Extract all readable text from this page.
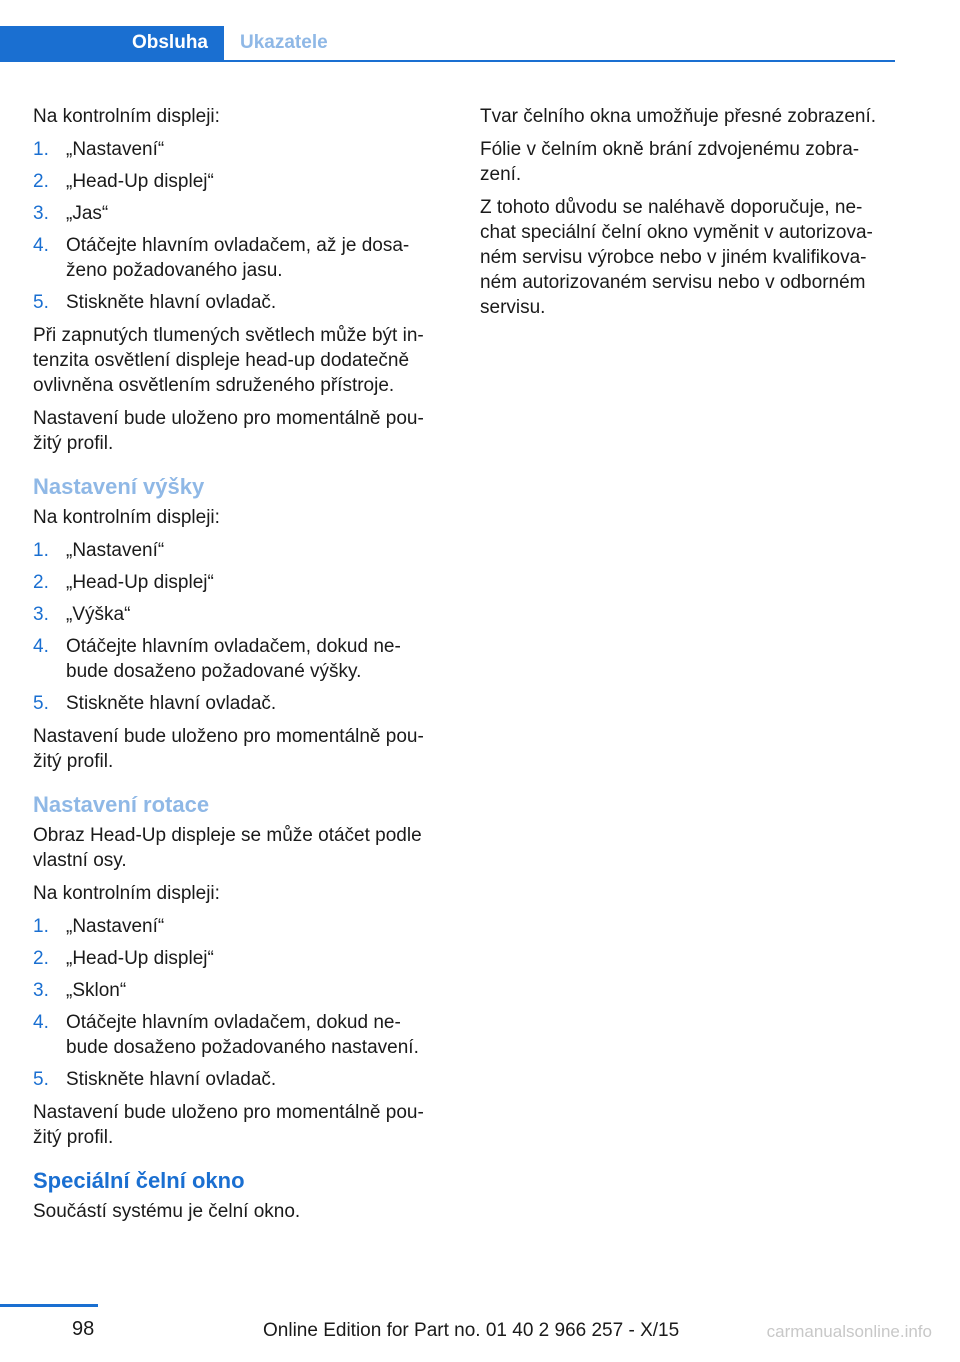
Obsluha	Ukazatele
Na kontrolním displeji:
1. „Nastavení“
2. „Head-Up displej“
3. „Jas“
4. Otáčejte hlavním ovladačem, až je dosa-
ženo požadovaného jasu.
5. Stiskněte hlavní ovladač.
Při zapnutých tlumených světlech může být in-
tenzita osvětlení displeje head-up dodatečně
ovlivněna osvětlením sdruženého přístroje.
Nastavení bude uloženo pro momentálně pou-
žitý profil.
Nastavení výšky
Na kontrolním displeji:
1. „Nastavení“
2. „Head-Up displej“
3. „Výška“
4. Otáčejte hlavním ovladačem, dokud ne-
bude dosaženo požadované výšky.
5. Stiskněte hlavní ovladač.
Nastavení bude uloženo pro momentálně pou-
žitý profil.
Nastavení rotace
Obraz Head-Up displeje se může otáčet podle
vlastní osy.
Na kontrolním displeji:
1. „Nastavení“
2. „Head-Up displej“
3. „Sklon“
4. Otáčejte hlavním ovladačem, dokud ne-
bude dosaženo požadovaného nastavení.
5. Stiskněte hlavní ovladač.
Nastavení bude uloženo pro momentálně pou-
žitý profil.
Speciální čelní okno
Součástí systému je čelní okno.
Tvar čelního okna umožňuje přesné zobrazení.
Fólie v čelním okně brání zdvojenému zobra-
zení.
Z tohoto důvodu se naléhavě doporučuje, ne-
chat speciální čelní okno vyměnit v autorizova-
ném servisu výrobce nebo v jiném kvalifikova-
ném autorizovaném servisu nebo v odborném
servisu.
98	Online Edition for Part no. 01 40 2 966 257 - X/15	carmanualsonline.info
